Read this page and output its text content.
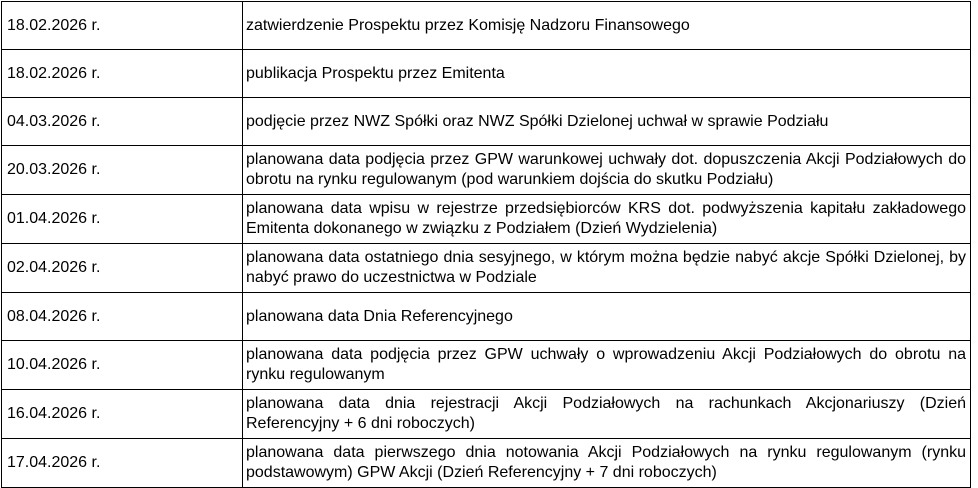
18.02.2026 r.	zatwierdzenie Prospektu przez Komisję Nadzoru Finansowego
18.02.2026 r.	publikacja Prospektu przez Emitenta
04.03.2026 r.	podjęcie przez NWZ Spółki oraz NWZ Spółki Dzielonej uchwał w sprawie Podziału
20.03.2026 r.	planowana data podjęcia przez GPW warunkowej uchwały dot. dopuszczenia Akcji Podziałowych do obrotu na rynku regulowanym (pod warunkiem dojścia do skutku Podziału)
01.04.2026 r.	planowana data wpisu w rejestrze przedsiębiorców KRS dot. podwyższenia kapitału zakładowego Emitenta dokonanego w związku z Podziałem (Dzień Wydzielenia)
02.04.2026 r.	planowana data ostatniego dnia sesyjnego, w którym można będzie nabyć akcje Spółki Dzielonej, by nabyć prawo do uczestnictwa w Podziale
08.04.2026 r.	planowana data Dnia Referencyjnego
10.04.2026 r.	planowana data podjęcia przez GPW uchwały o wprowadzeniu Akcji Podziałowych do obrotu na rynku regulowanym
16.04.2026 r.	planowana data dnia rejestracji Akcji Podziałowych na rachunkach Akcjonariuszy (Dzień Referencyjny + 6 dni roboczych)
17.04.2026 r.	planowana data pierwszego dnia notowania Akcji Podziałowych na rynku regulowanym (rynku podstawowym) GPW Akcji (Dzień Referencyjny + 7 dni roboczych)
